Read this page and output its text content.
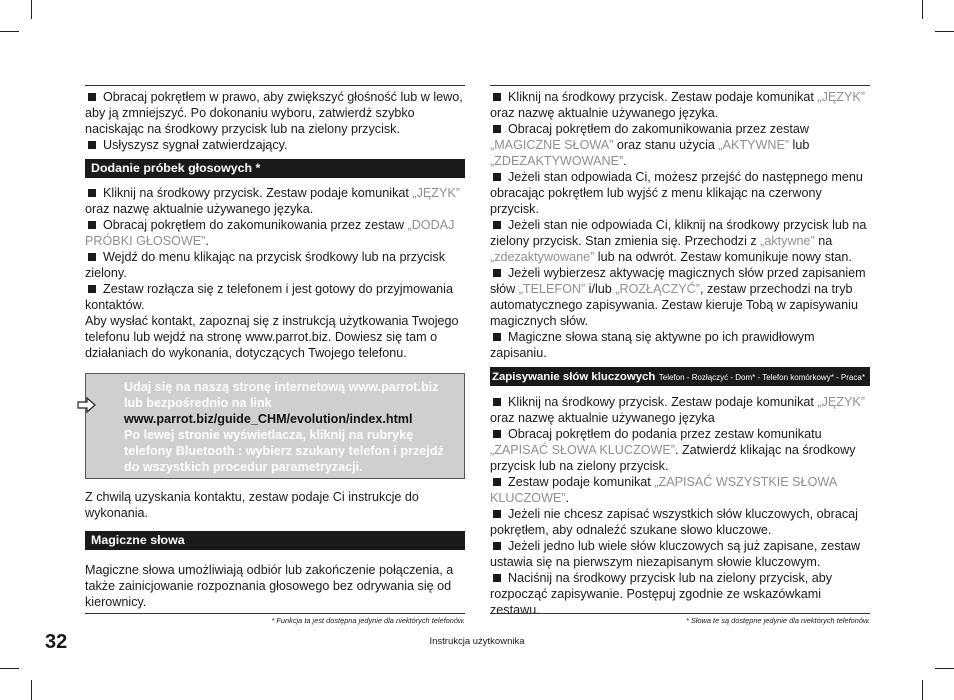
Obracaj pokrętłem w prawo, aby zwiększyć głośność lub w lewo, aby ją zmniejszyć. Po dokonaniu wyboru, zatwierdź szybko naciskając na środkowy przycisk lub na zielony przycisk.

Usłyszysz sygnał zatwierdzający.

Dodanie próbek głosowych *

Kliknij na środkowy przycisk. Zestaw podaje komunikat „JĘZYK” oraz nazwę aktualnie używanego języka.

Obracaj pokrętłem do zakomunikowania przez zestaw „DODAJ PRÓBKI GŁOSOWE”.

Wejdź do menu klikając na przycisk środkowy lub na przycisk zielony.

Zestaw rozłącza się z telefonem i jest gotowy do przyjmowania kontaktów.

Aby wysłać kontakt, zapoznaj się z instrukcją użytkowania Twojego telefonu lub wejdź na stronę www.parrot.biz. Dowiesz się tam o działaniach do wykonania, dotyczących Twojego telefonu.

Udaj się na naszą stronę internetową www.parrot.biz lub bezpośrednio na link
www.parrot.biz/guide_CHM/evolution/index.html
Po lewej stronie wyświetlacza, kliknij na rubrykę telefony Bluetooth : wybierz szukany telefon i przejdź do wszystkich procedur parametryzacji.

Z chwilą uzyskania kontaktu, zestaw podaje Ci instrukcje do wykonania.

Magiczne słowa

Magiczne słowa umożliwiają odbiór lub zakończenie połączenia, a także zainicjowanie rozpoznania głosowego bez odrywania się od kierownicy.

* Funkcja ta jest dostępna jedynie dla niektórych telefonów.

Kliknij na środkowy przycisk. Zestaw podaje komunikat „JĘZYK” oraz nazwę aktualnie używanego języka.

Obracaj pokrętłem do zakomunikowania przez zestaw „MAGICZNE SŁOWA” oraz stanu użycia „AKTYWNE” lub „ZDEZAKTYWOWANE”.

Jeżeli stan odpowiada Ci, możesz przejść do następnego menu obracając pokrętłem lub wyjść z menu klikając na czerwony przycisk.

Jeżeli stan nie odpowiada Ci, kliknij na środkowy przycisk lub na zielony przycisk. Stan zmienia się. Przechodzi z „aktywne” na „zdezaktywowane” lub na odwrót. Zestaw komunikuje nowy stan.

Jeżeli wybierzesz aktywację magicznych słów przed zapisaniem słów „TELEFON” i/lub „ROZŁĄCZYĆ”, zestaw przechodzi na tryb automatycznego zapisywania. Zestaw kieruje Tobą w zapisywaniu magicznych słów.

Magiczne słowa staną się aktywne po ich prawidłowym zapisaniu.

Zapisywanie słów kluczowych Telefon - Rozłączyć - Dom* - Telefon komórkowy* - Praca*

Kliknij na środkowy przycisk. Zestaw podaje komunikat „JĘZYK” oraz nazwę aktualnie używanego języka

Obracaj pokrętłem do podania przez zestaw komunikatu „ZAPISAĆ SŁOWA KLUCZOWE”. Zatwierdź klikając na środkowy przycisk lub na zielony przycisk.

Zestaw podaje komunikat „ZAPISAĆ WSZYSTKIE SŁOWA KLUCZOWE”.

Jeżeli nie chcesz zapisać wszystkich słów kluczowych, obracaj pokrętłem, aby odnaleźć szukane słowo kluczowe.

Jeżeli jedno lub wiele słów kluczowych są już zapisane, zestaw ustawia się na pierwszym niezapisanym słowie kluczowym.

Naciśnij na środkowy przycisk lub na zielony przycisk, aby rozpocząć zapisywanie. Postępuj zgodnie ze wskazówkami zestawu.

* Słowa te są dostępne jedynie dla niektórych telefonów.
32	Instrukcja użytkownika
